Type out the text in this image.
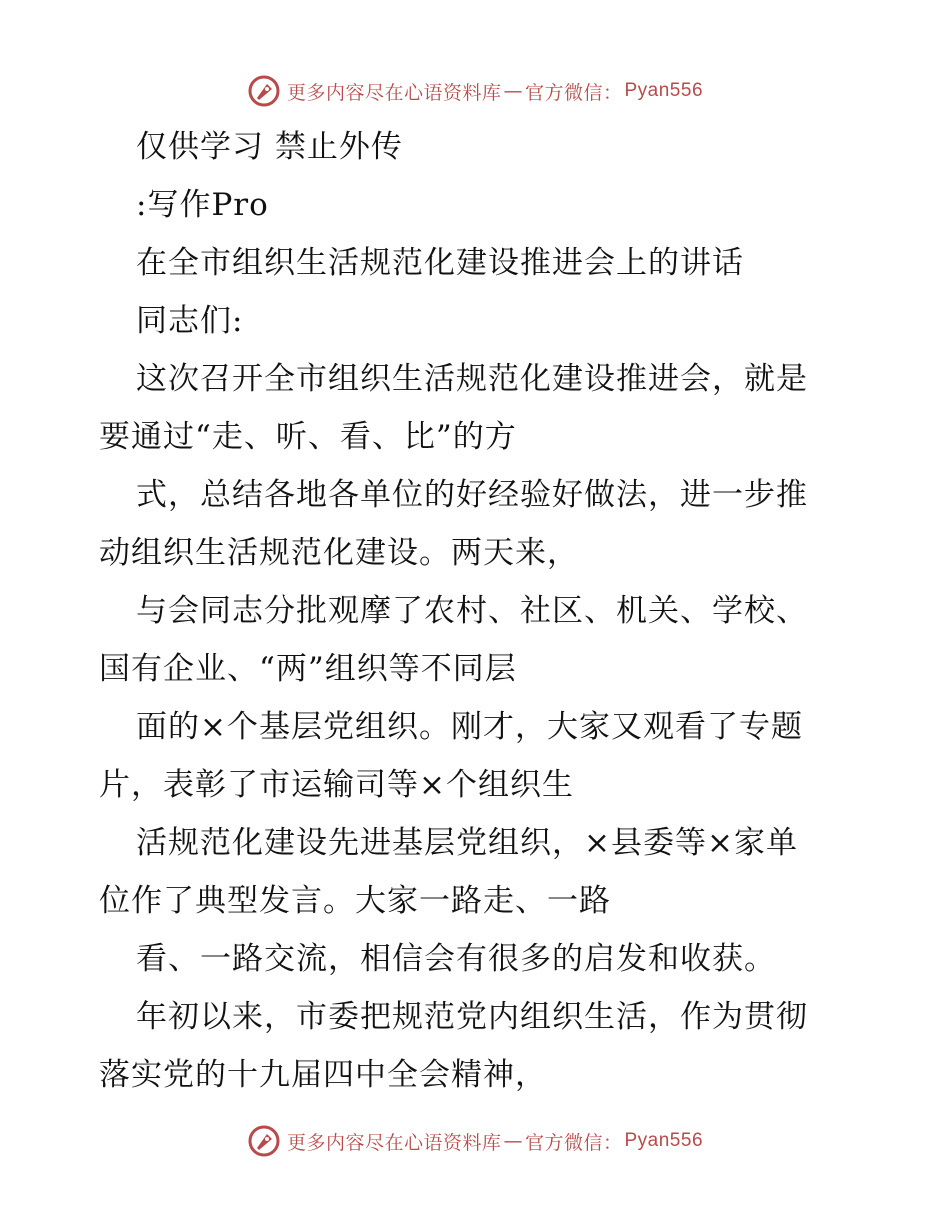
更多内容尽在心语资料库 — 官方微信： Pyan556
仅供学习 禁止外传
:写作Pro
在全市组织生活规范化建设推进会上的讲话
同志们:
这次召开全市组织生活规范化建设推进会，就是
要通过“走、听、看、比”的方
式，总结各地各单位的好经验好做法，进一步推
动组织生活规范化建设。两天来，
与会同志分批观摩了农村、社区、机关、学校、
国有企业、“两”组织等不同层
面的×个基层党组织。刚才，大家又观看了专题
片，表彰了市运输司等×个组织生
活规范化建设先进基层党组织，×县委等×家单
位作了典型发言。大家一路走、一路
看、一路交流，相信会有很多的启发和收获。
年初以来，市委把规范党内组织生活，作为贯彻
落实党的十九届四中全会精神，
更多内容尽在心语资料库 — 官方微信： Pyan556
